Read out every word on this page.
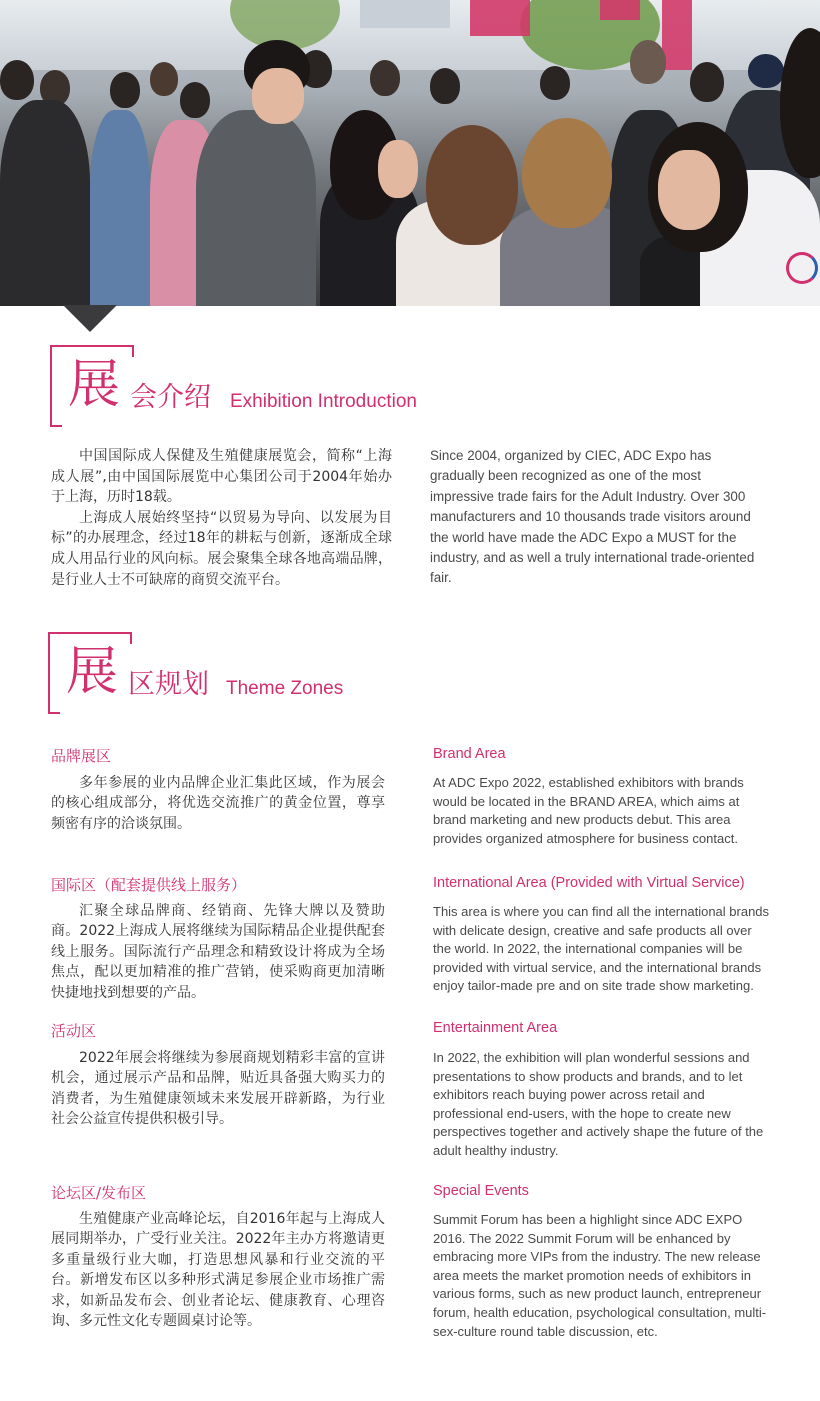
展 会介绍 Exhibition Introduction

中国国际成人保健及生殖健康展览会，简称“上海成人展”,由中国国际展览中心集团公司于2004年始办于上海，历时18载。

上海成人展始终坚持“以贸易为导向、以发展为目标”的办展理念，经过18年的耕耘与创新，逐渐成全球成人用品行业的风向标。展会聚集全球各地高端品牌，是行业人士不可缺席的商贸交流平台。

Since 2004, organized by CIEC, ADC Expo has gradually been recognized as one of the most impressive trade fairs for the Adult Industry. Over 300 manufacturers and 10 thousands trade visitors around the world have made the ADC Expo a MUST for the industry, and as well a truly international trade-oriented fair.

展 区规划 Theme Zones
品牌展区

多年参展的业内品牌企业汇集此区域，作为展会的核心组成部分，将优选交流推广的黄金位置，尊享频密有序的洽谈氛围。

Brand Area

At ADC Expo 2022, established exhibitors with brands would be located in the BRAND AREA, which aims at brand marketing and new products debut. This area provides organized atmosphere for business contact.

国际区（配套提供线上服务）

汇聚全球品牌商、经销商、先锋大牌以及赞助商。2022上海成人展将继续为国际精品企业提供配套线上服务。国际流行产品理念和精致设计将成为全场焦点，配以更加精准的推广营销，使采购商更加清晰快捷地找到想要的产品。

International Area (Provided with Virtual Service)

This area is where you can find all the international brands with delicate design, creative and safe products all over the world. In 2022, the international companies will be provided with virtual service, and the international brands enjoy tailor-made pre and on site trade show marketing.

活动区

2022年展会将继续为参展商规划精彩丰富的宣讲机会，通过展示产品和品牌，贴近具备强大购买力的消费者，为生殖健康领域未来发展开辟新路，为行业社会公益宣传提供积极引导。

Entertainment Area

In 2022, the exhibition will plan wonderful sessions and presentations to show products and brands, and to let exhibitors reach buying power across retail and professional end-users, with the hope to create new perspectives together and actively shape the future of the adult healthy industry.

论坛区/发布区

生殖健康产业高峰论坛，自2016年起与上海成人展同期举办，广受行业关注。2022年主办方将邀请更多重量级行业大咖，打造思想风暴和行业交流的平台。新增发布区以多种形式满足参展企业市场推广需求，如新品发布会、创业者论坛、健康教育、心理咨询、多元性文化专题圆桌讨论等。

Special Events

Summit Forum has been a highlight since ADC EXPO 2016. The 2022 Summit Forum will be enhanced by embracing more VIPs from the industry. The new release area meets the market promotion needs of exhibitors in various forms, such as new product launch, entrepreneur forum, health education, psychological consultation, multi-sex-culture round table discussion, etc.
